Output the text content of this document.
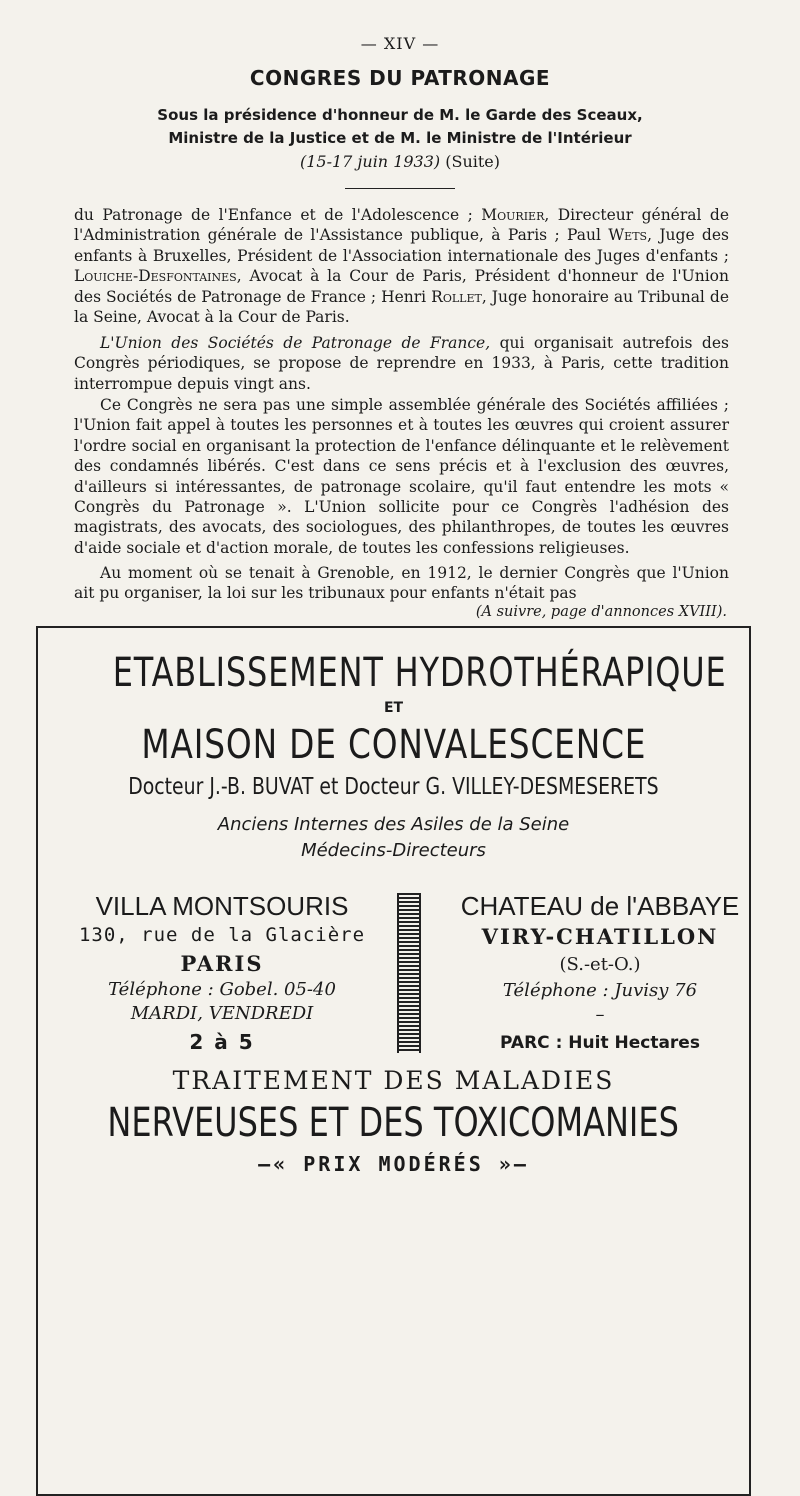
— XIV —
CONGRES DU PATRONAGE
Sous la présidence d'honneur de M. le Garde des Sceaux,
Ministre de la Justice et de M. le Ministre de l'Intérieur
(15-17 juin 1933) (Suite)

du Patronage de l'Enfance et de l'Adolescence ; Mourier, Directeur général de l'Administration générale de l'Assistance publique, à Paris ; Paul Wets, Juge des enfants à Bruxelles, Président de l'Association internationale des Juges d'enfants ; Louiche-Desfontaines, Avocat à la Cour de Paris, Président d'honneur de l'Union des Sociétés de Patronage de France ; Henri Rollet, Juge honoraire au Tribunal de la Seine, Avocat à la Cour de Paris.

L'Union des Sociétés de Patronage de France, qui organisait autrefois des Congrès périodiques, se propose de reprendre en 1933, à Paris, cette tradition interrompue depuis vingt ans.

Ce Congrès ne sera pas une simple assemblée générale des Sociétés affiliées ; l'Union fait appel à toutes les personnes et à toutes les œuvres qui croient assurer l'ordre social en organisant la protection de l'enfance délinquante et le relèvement des condamnés libérés. C'est dans ce sens précis et à l'exclusion des œuvres, d'ailleurs si intéressantes, de patronage scolaire, qu'il faut entendre les mots « Congrès du Patronage ». L'Union sollicite pour ce Congrès l'adhésion des magistrats, des avocats, des sociologues, des philanthropes, de toutes les œuvres d'aide sociale et d'action morale, de toutes les confessions religieuses.

Au moment où se tenait à Grenoble, en 1912, le dernier Congrès que l'Union ait pu organiser, la loi sur les tribunaux pour enfants n'était pas

(A suivre, page d'annonces XVIII).
ETABLISSEMENT HYDROTHÉRAPIQUE
ET
MAISON DE CONVALESCENCE
Docteur J.-B. BUVAT et Docteur G. VILLEY-DESMESERETS
Anciens Internes des Asiles de la Seine
Médecins-Directeurs
VILLA MONTSOURIS
130, rue de la Glacière
PARIS
Téléphone : Gobel. 05-40
MARDI, VENDREDI
2 à 5
CHATEAU de l'ABBAYE
VIRY-CHATILLON
(S.-et-O.)
Téléphone : Juvisy 76
–
PARC : Huit Hectares
TRAITEMENT DES MALADIES
NERVEUSES ET DES TOXICOMANIES
—« PRIX MODÉRÉS »—
